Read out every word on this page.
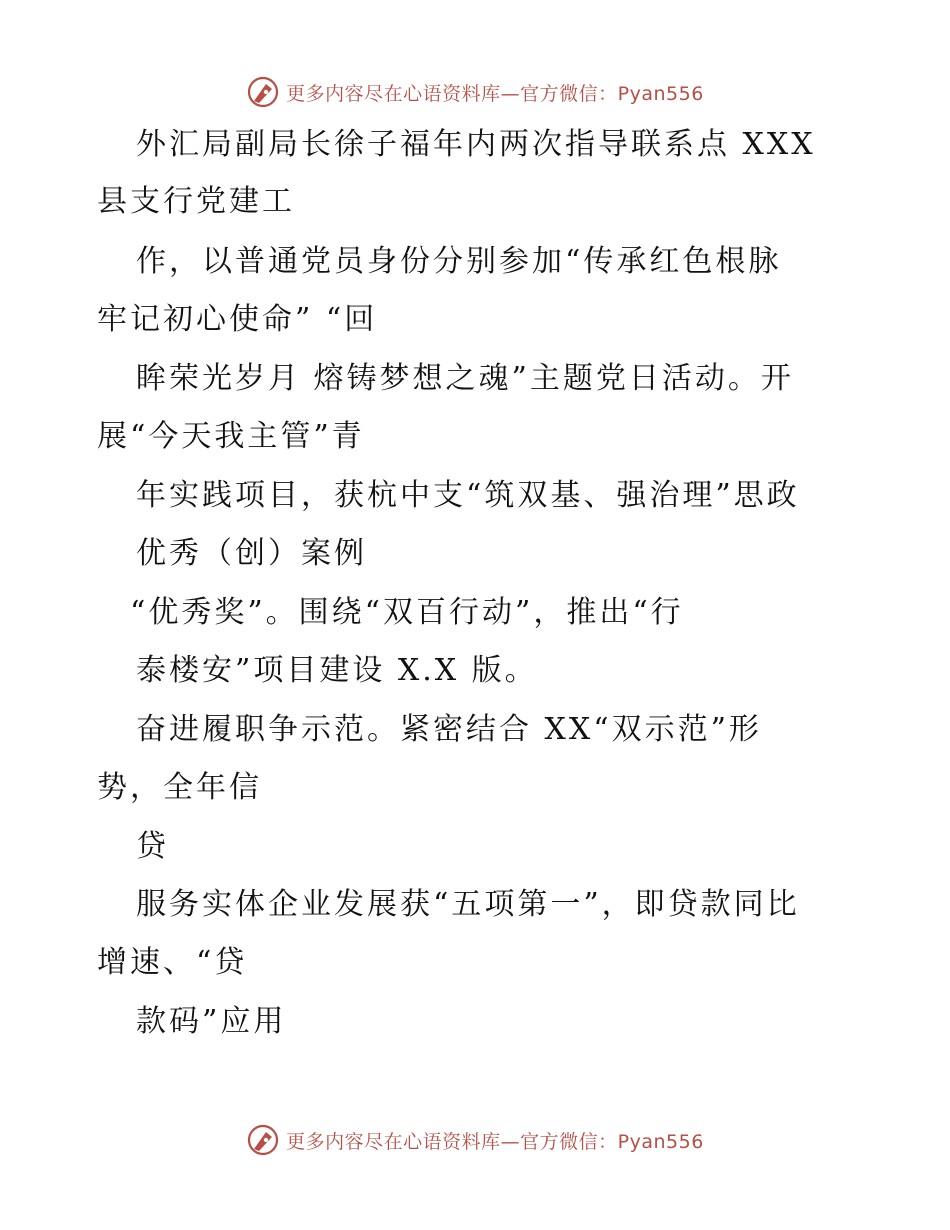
更多内容尽在心语资料库—官方微信：Pyan556
外汇局副局长徐子福年内两次指导联系点 XXX
县支行党建工
作，以普通党员身份分别参加“传承红色根脉
牢记初心使命” “回
眸荣光岁月 熔铸梦想之魂”主题党日活动。开
展“今天我主管”青
年实践项目，获杭中支“筑双基、强治理”思政
优秀（创）案例
“优秀奖”。围绕“双百行动”，推出“行
泰楼安”项目建设 X.X 版。
奋进履职争示范。紧密结合 XX“双示范”形
势，全年信
贷
服务实体企业发展获“五项第一”，即贷款同比
增速、“贷
款码”应用
更多内容尽在心语资料库—官方微信：Pyan556
